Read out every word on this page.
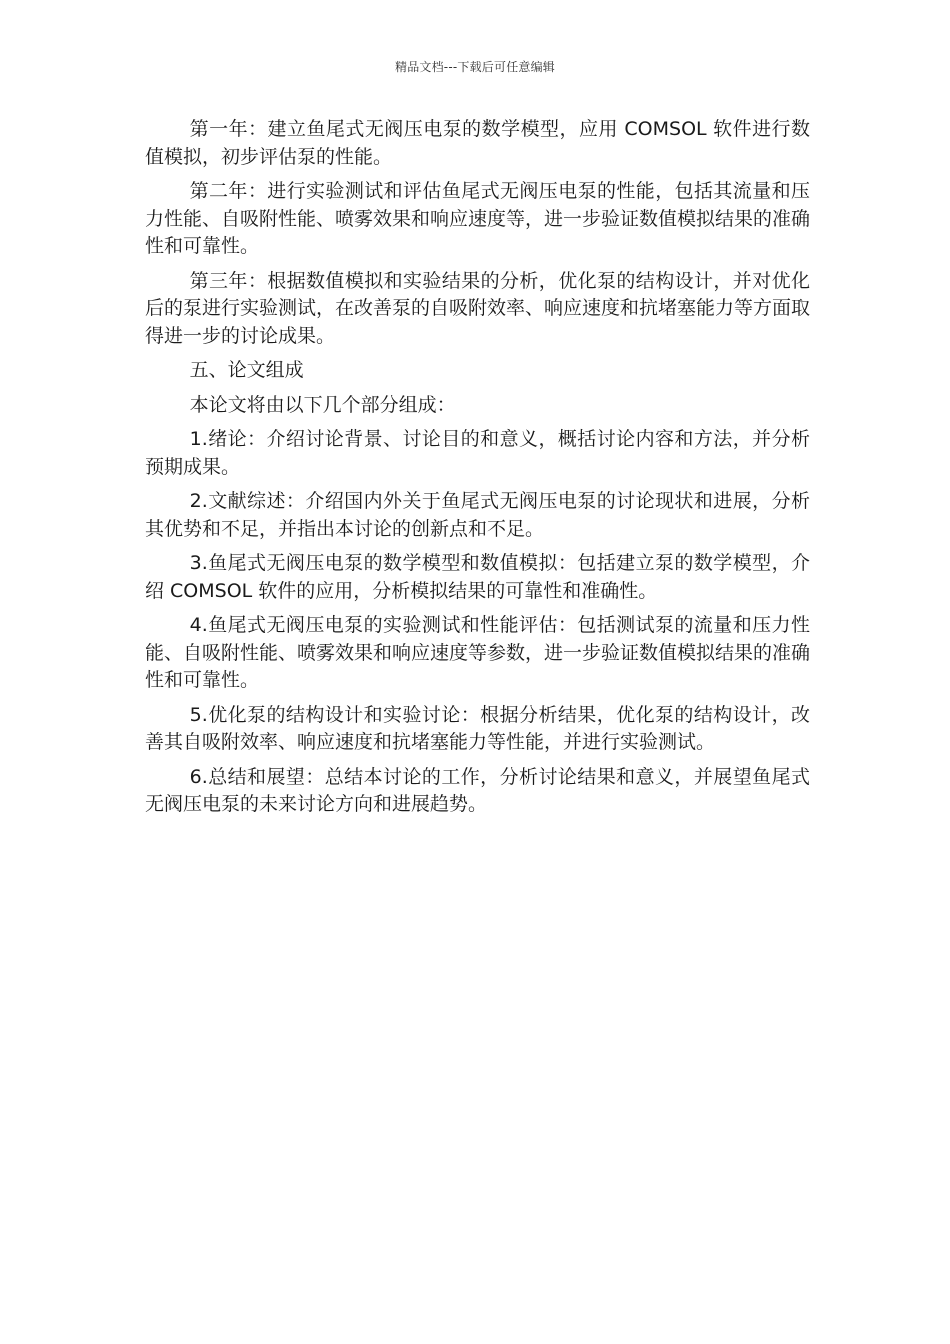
精品文档---下载后可任意编辑

第一年：建立鱼尾式无阀压电泵的数学模型，应用 COMSOL 软件进行数值模拟，初步评估泵的性能。

第二年：进行实验测试和评估鱼尾式无阀压电泵的性能，包括其流量和压力性能、自吸附性能、喷雾效果和响应速度等，进一步验证数值模拟结果的准确性和可靠性。

第三年：根据数值模拟和实验结果的分析，优化泵的结构设计，并对优化后的泵进行实验测试，在改善泵的自吸附效率、响应速度和抗堵塞能力等方面取得进一步的讨论成果。

五、论文组成

本论文将由以下几个部分组成：

1.绪论：介绍讨论背景、讨论目的和意义，概括讨论内容和方法，并分析预期成果。

2.文献综述：介绍国内外关于鱼尾式无阀压电泵的讨论现状和进展，分析其优势和不足，并指出本讨论的创新点和不足。

3.鱼尾式无阀压电泵的数学模型和数值模拟：包括建立泵的数学模型，介绍 COMSOL 软件的应用，分析模拟结果的可靠性和准确性。

4.鱼尾式无阀压电泵的实验测试和性能评估：包括测试泵的流量和压力性能、自吸附性能、喷雾效果和响应速度等参数，进一步验证数值模拟结果的准确性和可靠性。

5.优化泵的结构设计和实验讨论：根据分析结果，优化泵的结构设计，改善其自吸附效率、响应速度和抗堵塞能力等性能，并进行实验测试。

6.总结和展望：总结本讨论的工作，分析讨论结果和意义，并展望鱼尾式无阀压电泵的未来讨论方向和进展趋势。
